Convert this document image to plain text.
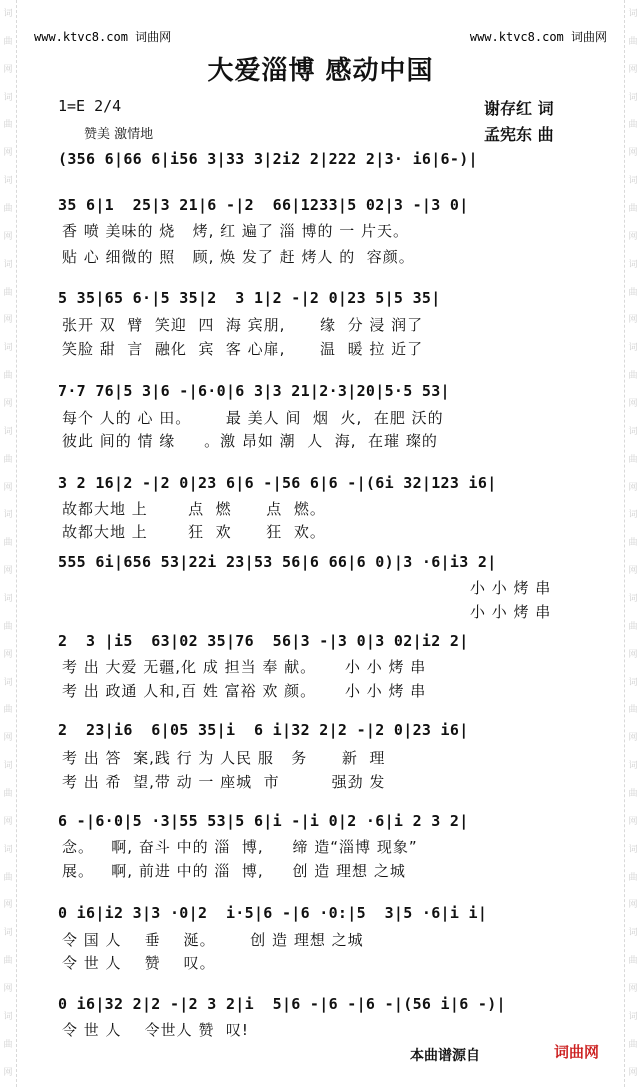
词
曲
网
词
曲
网
词
曲
网
词
曲
网
词
曲
网
词
曲
网
词
曲
网
词
曲
网
词
曲
网
词
曲
网
词
曲
网
词
曲
网
词
曲
网
词
曲
网
词
曲
网
词
曲
网
词
曲
网
词
曲
网
词
曲
网
词
曲
网
词
曲
网
词
曲
网
词
曲
网
词
曲
网
词
曲
网
词
曲
网
www.ktvc8.com 词曲网	www.ktvc8.com 词曲网
大爱淄博 感动中国
1=E 2/4
赞美 激情地
谢存红 词
孟宪东 曲
(356 6|66 6|i56 3|33 3|2i2 2|222 2|3· i6|6-)|
35 6|1  25|3 21|6 -|2  66|1233|5 02|3 -|3 0|
香 喷 美味的 烧   烤, 红 遍了 淄 博的 一 片天。
贴 心 细微的 照   顾, 焕 发了 赶 烤人 的  容颜。
5 35|65 6·|5 35|2  3 1|2 -|2 0|23 5|5 35|
张开 双  臂  笑迎  四  海 宾朋,      缘  分 浸 润了
笑脸 甜  言  融化  宾  客 心扉,      温  暖 拉 近了
7·7 76|5 3|6 -|6·0|6 3|3 21|2·3|20|5·5 53|
每个 人的 心 田。      最 美人 间  烟  火,  在肥 沃的
彼此 间的 情 缘     。激 昂如 潮  人  海,  在璀 璨的
3 2 16|2 -|2 0|23 6|6 -|56 6|6 -|(6i 32|123 i6|
故都大地 上       点  燃      点  燃。
故都大地 上       狂  欢      狂  欢。
555 6i|656 53|22i 23|53 56|6 66|6 0)|3 ·6|i3 2|
小 小 烤 串
小 小 烤 串
2  3 |i5  63|02 35|76  56|3 -|3 0|3 02|i2 2|
考 出 大爱 无疆,化 成 担当 奉 献。     小 小 烤 串
考 出 政通 人和,百 姓 富裕 欢 颜。     小 小 烤 串
2  23|i6  6|05 35|i  6 i|32 2|2 -|2 0|23 i6|
考 出 答  案,践 行 为 人民 服   务      新  理
考 出 希  望,带 动 一 座城  市         强劲 发
6 -|6·0|5 ·3|55 53|5 6|i -|i 0|2 ·6|i 2 3 2|
念。   啊, 奋斗 中的 淄  博,     缔 造“淄博 现象”
展。   啊, 前进 中的 淄  博,     创 造 理想 之城
0 i6|i2 3|3 ·0|2  i·5|6 -|6 ·0:|5  3|5 ·6|i i|
令 国 人    垂    涎。      创 造 理想 之城
令 世 人    赞    叹。
0 i6|32 2|2 -|2 3 2|i  5|6 -|6 -|6 -|(56 i|6 -)|
令 世 人    令世人 赞  叹!
本曲谱源自	词曲网
